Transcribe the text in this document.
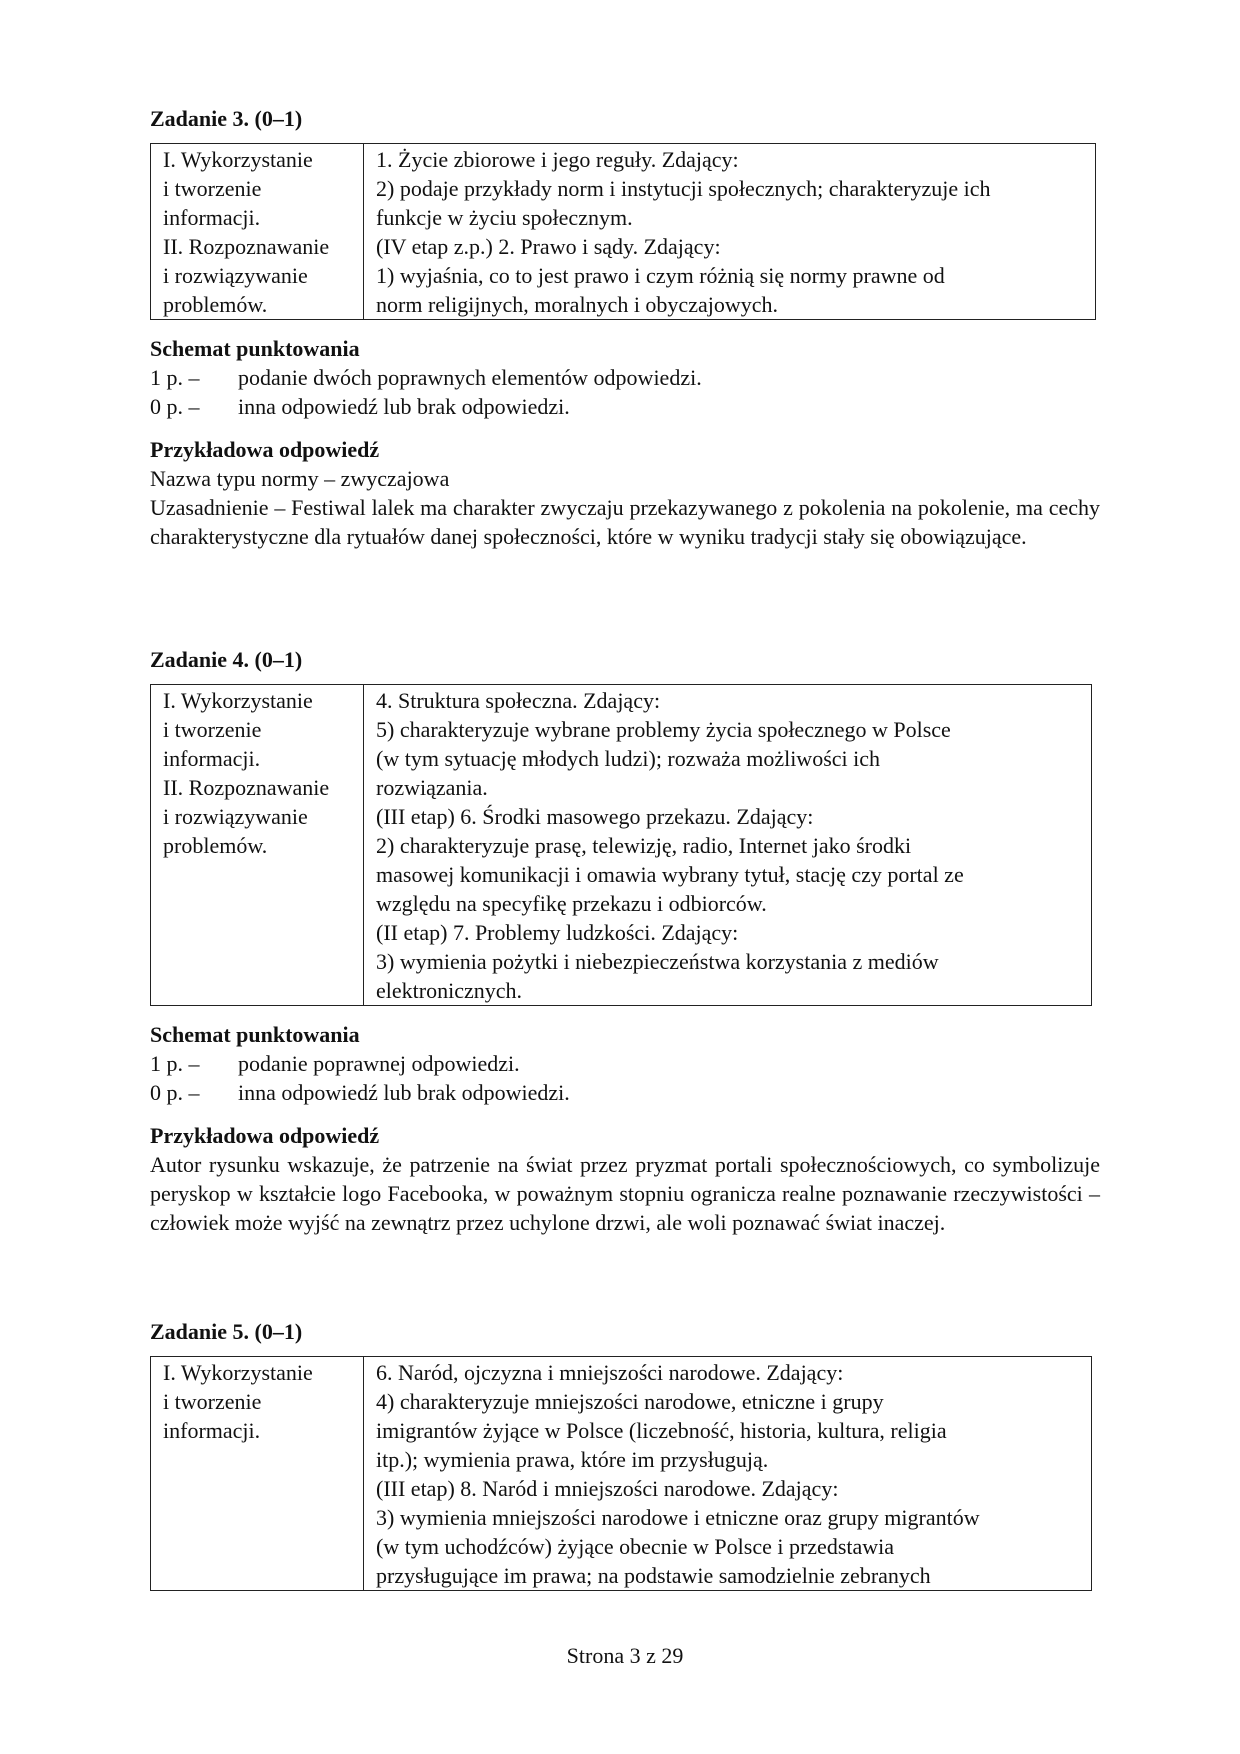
Zadanie 3. (0–1)
I. Wykorzystanie
i tworzenie
informacji.
II. Rozpoznawanie
i rozwiązywanie
problemów.

1. Życie zbiorowe i jego reguły. Zdający:
2) podaje przykłady norm i instytucji społecznych; charakteryzuje ich
funkcje w życiu społecznym.
(IV etap z.p.) 2. Prawo i sądy. Zdający:
1) wyjaśnia, co to jest prawo i czym różnią się normy prawne od
norm religijnych, moralnych i obyczajowych.
Schemat punktowania
1 p. –	podanie dwóch poprawnych elementów odpowiedzi.
0 p. –	inna odpowiedź lub brak odpowiedzi.
Przykładowa odpowiedź
Nazwa typu normy – zwyczajowa
Uzasadnienie – Festiwal lalek ma charakter zwyczaju przekazywanego z pokolenia na pokolenie, ma cechy charakterystyczne dla rytuałów danej społeczności, które w wyniku tradycji stały się obowiązujące.
Zadanie 4. (0–1)
I. Wykorzystanie
i tworzenie
informacji.
II. Rozpoznawanie
i rozwiązywanie
problemów.

4. Struktura społeczna. Zdający:
5) charakteryzuje wybrane problemy życia społecznego w Polsce
(w tym sytuację młodych ludzi); rozważa możliwości ich
rozwiązania.
(III etap) 6. Środki masowego przekazu. Zdający:
2) charakteryzuje prasę, telewizję, radio, Internet jako środki
masowej komunikacji i omawia wybrany tytuł, stację czy portal ze
względu na specyfikę przekazu i odbiorców.
(II etap) 7. Problemy ludzkości. Zdający:
3) wymienia pożytki i niebezpieczeństwa korzystania z mediów
elektronicznych.
Schemat punktowania
1 p. –	podanie poprawnej odpowiedzi.
0 p. –	inna odpowiedź lub brak odpowiedzi.
Przykładowa odpowiedź
Autor rysunku wskazuje, że patrzenie na świat przez pryzmat portali społecznościowych, co symbolizuje peryskop w kształcie logo Facebooka, w poważnym stopniu ogranicza realne poznawanie rzeczywistości – człowiek może wyjść na zewnątrz przez uchylone drzwi, ale woli poznawać świat inaczej.
Zadanie 5. (0–1)
I. Wykorzystanie
i tworzenie
informacji.

6. Naród, ojczyzna i mniejszości narodowe. Zdający:
4) charakteryzuje mniejszości narodowe, etniczne i grupy
imigrantów żyjące w Polsce (liczebność, historia, kultura, religia
itp.); wymienia prawa, które im przysługują.
(III etap) 8. Naród i mniejszości narodowe. Zdający:
3) wymienia mniejszości narodowe i etniczne oraz grupy migrantów
(w tym uchodźców) żyjące obecnie w Polsce i przedstawia
przysługujące im prawa; na podstawie samodzielnie zebranych
Strona 3 z 29
